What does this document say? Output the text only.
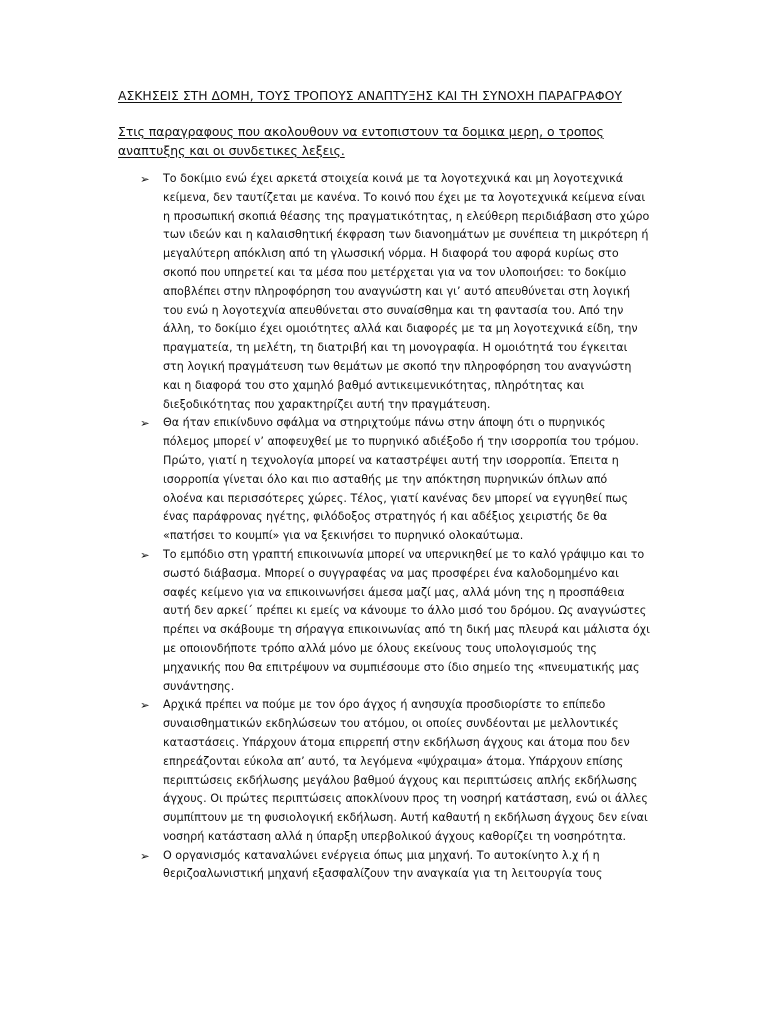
ΑΣΚΗΣΕΙΣ ΣΤΗ ΔΟΜΗ, ΤΟΥΣ ΤΡΟΠΟΥΣ ΑΝΑΠΤΥΞΗΣ ΚΑΙ ΤΗ ΣΥΝΟΧΗ ΠΑΡΑΓΡΑΦΟΥ
Στις παραγραφους που ακολουθουν να εντοπιστουν τα δομικα μερη, ο τροπος αναπτυξης και οι συνδετικες λεξεις.
➢ Το δοκίμιο ενώ έχει αρκετά στοιχεία κοινά με τα λογοτεχνικά και μη λογοτεχνικά κείμενα, δεν ταυτίζεται με κανένα. Το κοινό που έχει με τα λογοτεχνικά κείμενα είναι η προσωπική σκοπιά θέασης της πραγματικότητας, η ελεύθερη περιδιάβαση στο χώρο των ιδεών και η καλαισθητική έκφραση των διανοημάτων με συνέπεια τη μικρότερη ή μεγαλύτερη απόκλιση από τη γλωσσική νόρμα. Η διαφορά του αφορά κυρίως στο σκοπό που υπηρετεί και τα μέσα που μετέρχεται για να τον υλοποιήσει: το δοκίμιο αποβλέπει στην πληροφόρηση του αναγνώστη και γι’ αυτό απευθύνεται στη λογική του ενώ η λογοτεχνία απευθύνεται στο συναίσθημα και τη φαντασία του. Από την άλλη, το δοκίμιο έχει ομοιότητες αλλά και διαφορές με τα μη λογοτεχνικά είδη, την πραγματεία, τη μελέτη, τη διατριβή και τη μονογραφία. Η ομοιότητά του έγκειται στη λογική πραγμάτευση των θεμάτων με σκοπό την πληροφόρηση του αναγνώστη και η διαφορά του στο χαμηλό βαθμό αντικειμενικότητας, πληρότητας και διεξοδικότητας που χαρακτηρίζει αυτή την πραγμάτευση.
➢ Θα ήταν επικίνδυνο σφάλμα να στηριχτούμε πάνω στην άποψη ότι ο πυρηνικός πόλεμος μπορεί ν’ αποφευχθεί με το πυρηνικό αδιέξοδο ή την ισορροπία του τρόμου. Πρώτο, γιατί η τεχνολογία μπορεί να καταστρέψει αυτή την ισορροπία. Έπειτα η ισορροπία γίνεται όλο και πιο ασταθής με την απόκτηση πυρηνικών όπλων από ολοένα και περισσότερες χώρες. Τέλος, γιατί κανένας δεν μπορεί να εγγυηθεί πως ένας παράφρονας ηγέτης, φιλόδοξος στρατηγός ή και αδέξιος χειριστής δε θα «πατήσει το κουμπί» για να ξεκινήσει το πυρηνικό ολοκαύτωμα.
➢ Το εμπόδιο στη γραπτή επικοινωνία μπορεί να υπερνικηθεί με το καλό γράψιμο και το σωστό διάβασμα. Μπορεί ο συγγραφέας να μας προσφέρει ένα καλοδομημένο και σαφές κείμενο για να επικοινωνήσει άμεσα μαζί μας, αλλά μόνη της η προσπάθεια αυτή δεν αρκεί΄ πρέπει κι εμείς να κάνουμε το άλλο μισό του δρόμου. Ως αναγνώστες πρέπει να σκάβουμε τη σήραγγα επικοινωνίας από τη δική μας πλευρά και μάλιστα όχι με οποιονδήποτε τρόπο αλλά μόνο με όλους εκείνους τους υπολογισμούς της μηχανικής που θα επιτρέψουν να συμπιέσουμε στο ίδιο σημείο της «πνευματικής μας συνάντησης.
➢ Αρχικά πρέπει να πούμε με τον όρο άγχος ή ανησυχία προσδιορίστε το επίπεδο συναισθηματικών εκδηλώσεων του ατόμου, οι οποίες συνδέονται με μελλοντικές καταστάσεις. Υπάρχουν άτομα επιρρεπή στην εκδήλωση άγχους και άτομα που δεν επηρεάζονται εύκολα απ’ αυτό, τα λεγόμενα «ψύχραιμα» άτομα. Υπάρχουν επίσης περιπτώσεις εκδήλωσης μεγάλου βαθμού άγχους και περιπτώσεις απλής εκδήλωσης άγχους. Οι πρώτες περιπτώσεις αποκλίνουν προς τη νοσηρή κατάσταση, ενώ οι άλλες συμπίπτουν με τη φυσιολογική εκδήλωση. Αυτή καθαυτή η εκδήλωση άγχους δεν είναι νοσηρή κατάσταση αλλά η ύπαρξη υπερβολικού άγχους καθορίζει τη νοσηρότητα.
➢ Ο οργανισμός καταναλώνει ενέργεια όπως μια μηχανή. Το αυτοκίνητο λ.χ ή η θεριζοαλωνιστική μηχανή εξασφαλίζουν την αναγκαία για τη λειτουργία τους
